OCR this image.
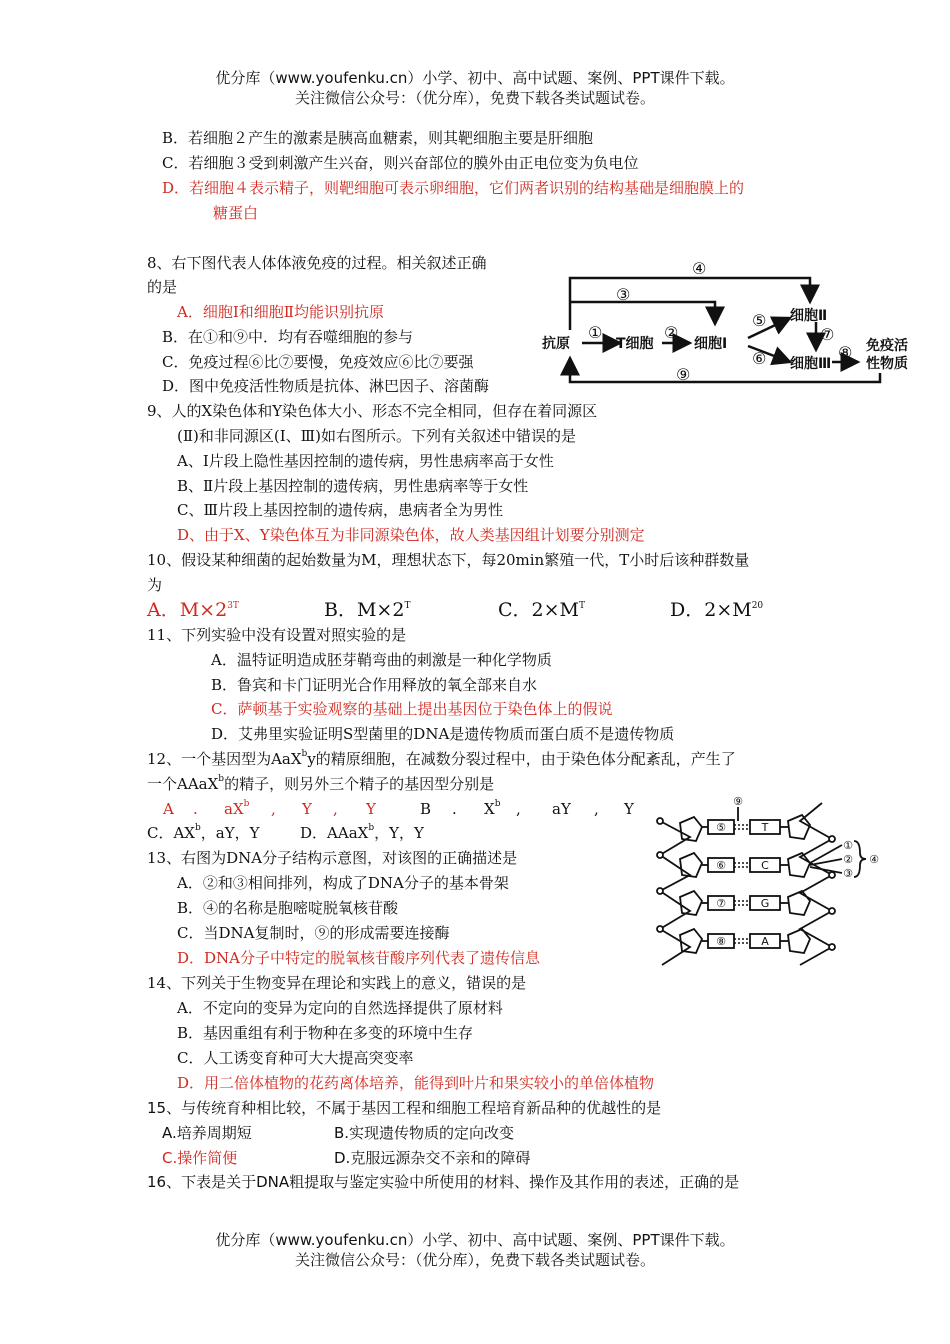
优分库（www.youfenku.cn）小学、初中、高中试题、案例、PPT课件下载。
关注微信公众号：（优分库），免费下载各类试题试卷。
B．若细胞２产生的激素是胰高血糖素，则其靶细胞主要是肝细胞
C．若细胞３受到刺激产生兴奋，则兴奋部位的膜外由正电位变为负电位
D．若细胞４表示精子，则靶细胞可表示卵细胞，它们两者识别的结构基础是细胞膜上的
糖蛋白
8、右下图代表人体体液免疫的过程。相关叙述正确
的是
A．细胞Ⅰ和细胞Ⅱ均能识别抗原
B．在①和⑨中．均有吞噬细胞的参与
C．免疫过程⑥比⑦要慢，免疫效应⑥比⑦要强
D．图中免疫活性物质是抗体、淋巴因子、溶菌酶
抗原	T细胞	细胞Ⅰ
细胞Ⅱ
细胞Ⅲ
免疫活
性物质
①	②
③
④
⑤
⑥
⑦
⑧
⑨
9、人的X染色体和Y染色体大小、形态不完全相同，但存在着同源区
(Ⅱ)和非同源区(Ⅰ、Ⅲ)如右图所示。下列有关叙述中错误的是
A、Ⅰ片段上隐性基因控制的遗传病，男性患病率高于女性
B、Ⅱ片段上基因控制的遗传病，男性患病率等于女性
C、Ⅲ片段上基因控制的遗传病，患病者全为男性
D、由于X、Y染色体互为非同源染色体，故人类基因组计划要分别测定
10、假设某种细菌的起始数量为M，理想状态下，每20min繁殖一代，T小时后该种群数量
为
A．$M\times 2^{3T}$	B．$M\times 2^T$	C．$2\times M^T$	D．$2\times M^{20}$
11、下列实验中没有设置对照实验的是
A．温特证明造成胚芽鞘弯曲的刺激是一种化学物质
B．鲁宾和卡门证明光合作用释放的氧全部来自水
C．萨顿基于实验观察的基础上提出基因位于染色体上的假说
D．艾弗里实验证明S型菌里的DNA是遗传物质而蛋白质不是遗传物质
12、一个基因型为AaX$^b$y的精原细胞，在减数分裂过程中，由于染色体分配紊乱，产生了
一个AAaX$^b$的精子，则另外三个精子的基因型分别是
A . $aX^b$ , Y , Y	B . $X^b$ , aY , Y
C．$AX^b$，aY，Y	D．AAaX$^b$，Y，Y
13、右图为DNA分子结构示意图，对该图的正确描述是
A．②和③相间排列，构成了DNA分子的基本骨架
B．④的名称是胞嘧啶脱氧核苷酸
C．当DNA复制时，⑨的形成需要连接酶
D．DNA分子中特定的脱氧核苷酸序列代表了遗传信息
⑤
⑥
⑦
⑧
T
C
G
A
⑨
①
②
③
④
14、下列关于生物变异在理论和实践上的意义，错误的是
A．不定向的变异为定向的自然选择提供了原材料
B．基因重组有利于物种在多变的环境中生存
C．人工诱变育种可大大提高突变率
D．用二倍体植物的花药离体培养，能得到叶片和果实较小的单倍体植物
15、与传统育种相比较，不属于基因工程和细胞工程培育新品种的优越性的是
A.培养周期短	B.实现遗传物质的定向改变
C.操作简便	D.克服远源杂交不亲和的障碍
16、下表是关于DNA粗提取与鉴定实验中所使用的材料、操作及其作用的表述，正确的是
优分库（www.youfenku.cn）小学、初中、高中试题、案例、PPT课件下载。
关注微信公众号：（优分库），免费下载各类试题试卷。
